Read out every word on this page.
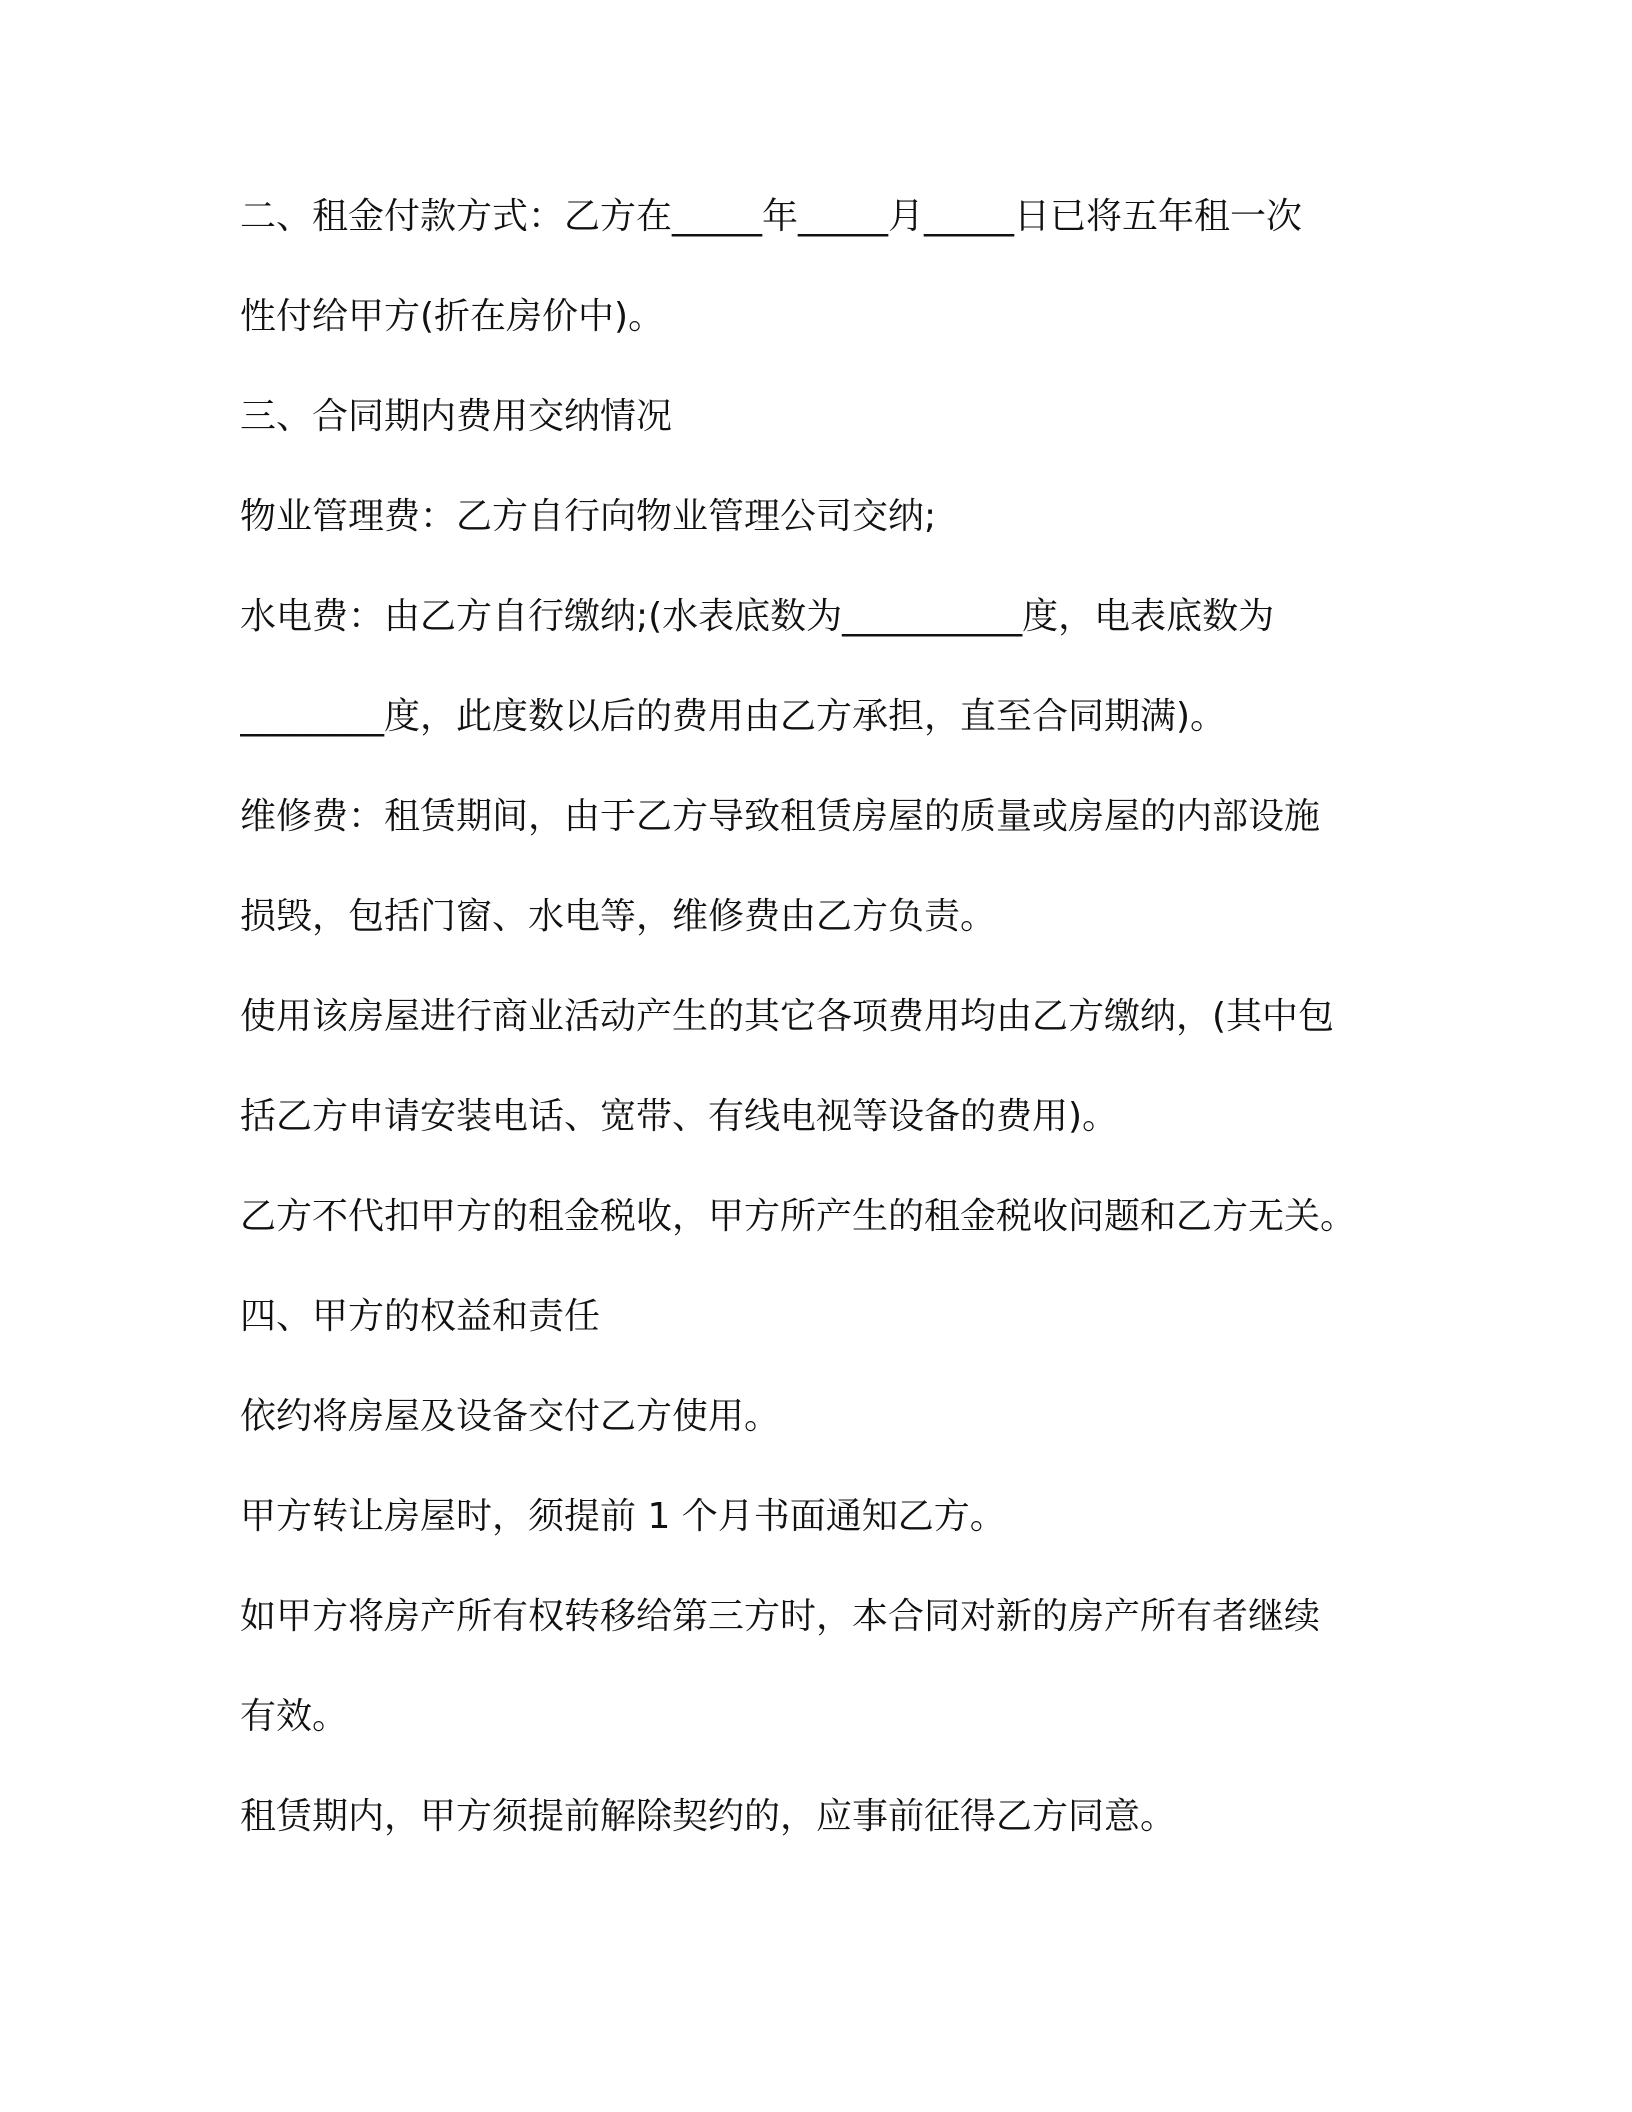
二、租金付款方式：乙方在_____年_____月_____日已将五年租一次
性付给甲方(折在房价中)。
三、合同期内费用交纳情况
物业管理费：乙方自行向物业管理公司交纳;
水电费：由乙方自行缴纳;(水表底数为__________度，电表底数为
________度，此度数以后的费用由乙方承担，直至合同期满)。
维修费：租赁期间，由于乙方导致租赁房屋的质量或房屋的内部设施
损毁，包括门窗、水电等，维修费由乙方负责。
使用该房屋进行商业活动产生的其它各项费用均由乙方缴纳，(其中包
括乙方申请安装电话、宽带、有线电视等设备的费用)。
乙方不代扣甲方的租金税收，甲方所产生的租金税收问题和乙方无关。
四、甲方的权益和责任
依约将房屋及设备交付乙方使用。
甲方转让房屋时，须提前 1 个月书面通知乙方。
如甲方将房产所有权转移给第三方时，本合同对新的房产所有者继续
有效。
租赁期内，甲方须提前解除契约的，应事前征得乙方同意。
